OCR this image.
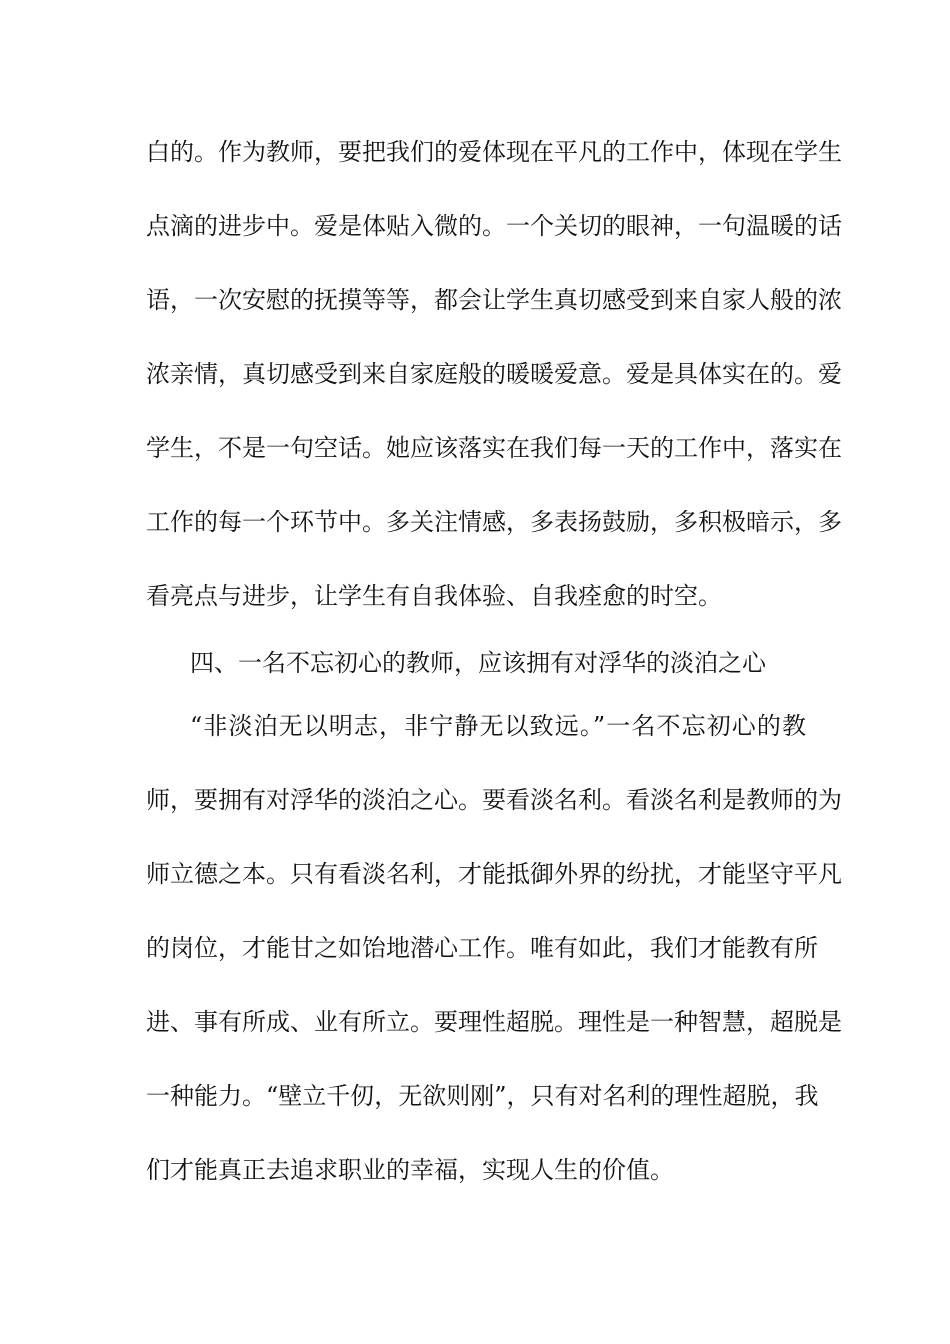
白的。作为教师，要把我们的爱体现在平凡的工作中，体现在学生
点滴的进步中。爱是体贴入微的。一个关切的眼神，一句温暖的话
语，一次安慰的抚摸等等，都会让学生真切感受到来自家人般的浓
浓亲情，真切感受到来自家庭般的暖暖爱意。爱是具体实在的。爱
学生，不是一句空话。她应该落实在我们每一天的工作中，落实在
工作的每一个环节中。多关注情感，多表扬鼓励，多积极暗示，多
看亮点与进步，让学生有自我体验、自我痊愈的时空。
四、一名不忘初心的教师，应该拥有对浮华的淡泊之心
“非淡泊无以明志，非宁静无以致远。”一名不忘初心的教
师，要拥有对浮华的淡泊之心。要看淡名利。看淡名利是教师的为
师立德之本。只有看淡名利，才能抵御外界的纷扰，才能坚守平凡
的岗位，才能甘之如饴地潜心工作。唯有如此，我们才能教有所
进、事有所成、业有所立。要理性超脱。理性是一种智慧，超脱是
一种能力。“壁立千仞，无欲则刚”，只有对名利的理性超脱，我
们才能真正去追求职业的幸福，实现人生的价值。
